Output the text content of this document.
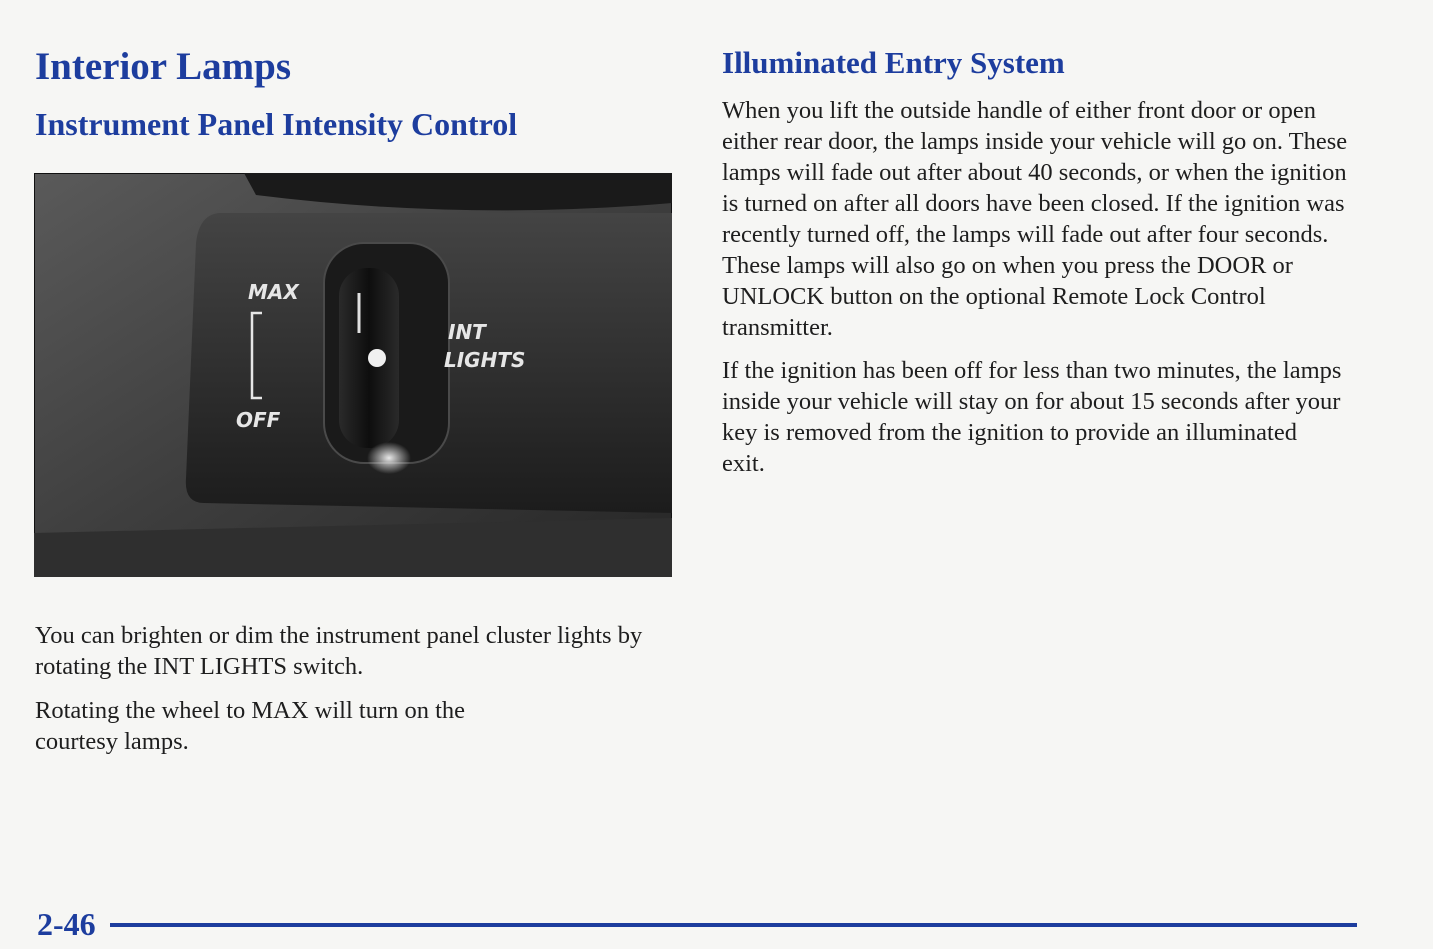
Interior Lamps
Instrument Panel Intensity Control
MAX
OFF
INT
LIGHTS

You can brighten or dim the instrument panel cluster lights by rotating the INT LIGHTS switch.

Rotating the wheel to MAX will turn on the courtesy lamps.

Illuminated Entry System

When you lift the outside handle of either front door or open either rear door, the lamps inside your vehicle will go on. These lamps will fade out after about 40 seconds, or when the ignition is turned on after all doors have been closed. If the ignition was recently turned off, the lamps will fade out after four seconds. These lamps will also go on when you press the DOOR or UNLOCK button on the optional Remote Lock Control transmitter.

If the ignition has been off for less than two minutes, the lamps inside your vehicle will stay on for about 15 seconds after your key is removed from the ignition to provide an illuminated exit.

2-46
